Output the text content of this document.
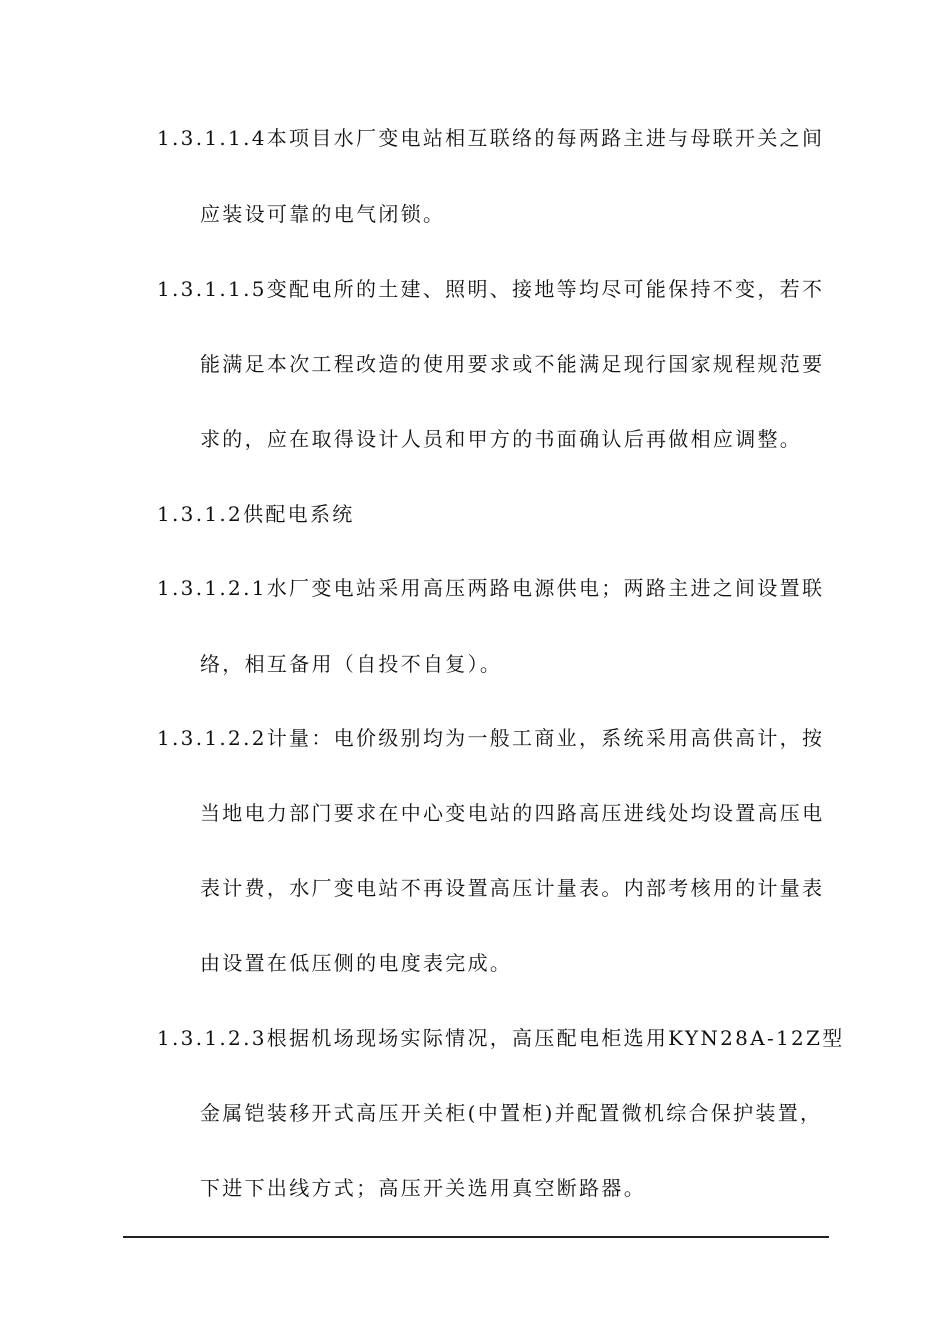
1.3.1.1.4本项目水厂变电站相互联络的每两路主进与母联开关之间
应装设可靠的电气闭锁。
1.3.1.1.5变配电所的土建、照明、接地等均尽可能保持不变，若不
能满足本次工程改造的使用要求或不能满足现行国家规程规范要
求的，应在取得设计人员和甲方的书面确认后再做相应调整。
1.3.1.2供配电系统
1.3.1.2.1水厂变电站采用高压两路电源供电；两路主进之间设置联
络，相互备用（自投不自复）。
1.3.1.2.2计量：电价级别均为一般工商业，系统采用高供高计，按
当地电力部门要求在中心变电站的四路高压进线处均设置高压电
表计费，水厂变电站不再设置高压计量表。内部考核用的计量表
由设置在低压侧的电度表完成。
1.3.1.2.3根据机场现场实际情况，高压配电柜选用KYN28A-12Z型
金属铠装移开式高压开关柜(中置柜)并配置微机综合保护装置，
下进下出线方式；高压开关选用真空断路器。
